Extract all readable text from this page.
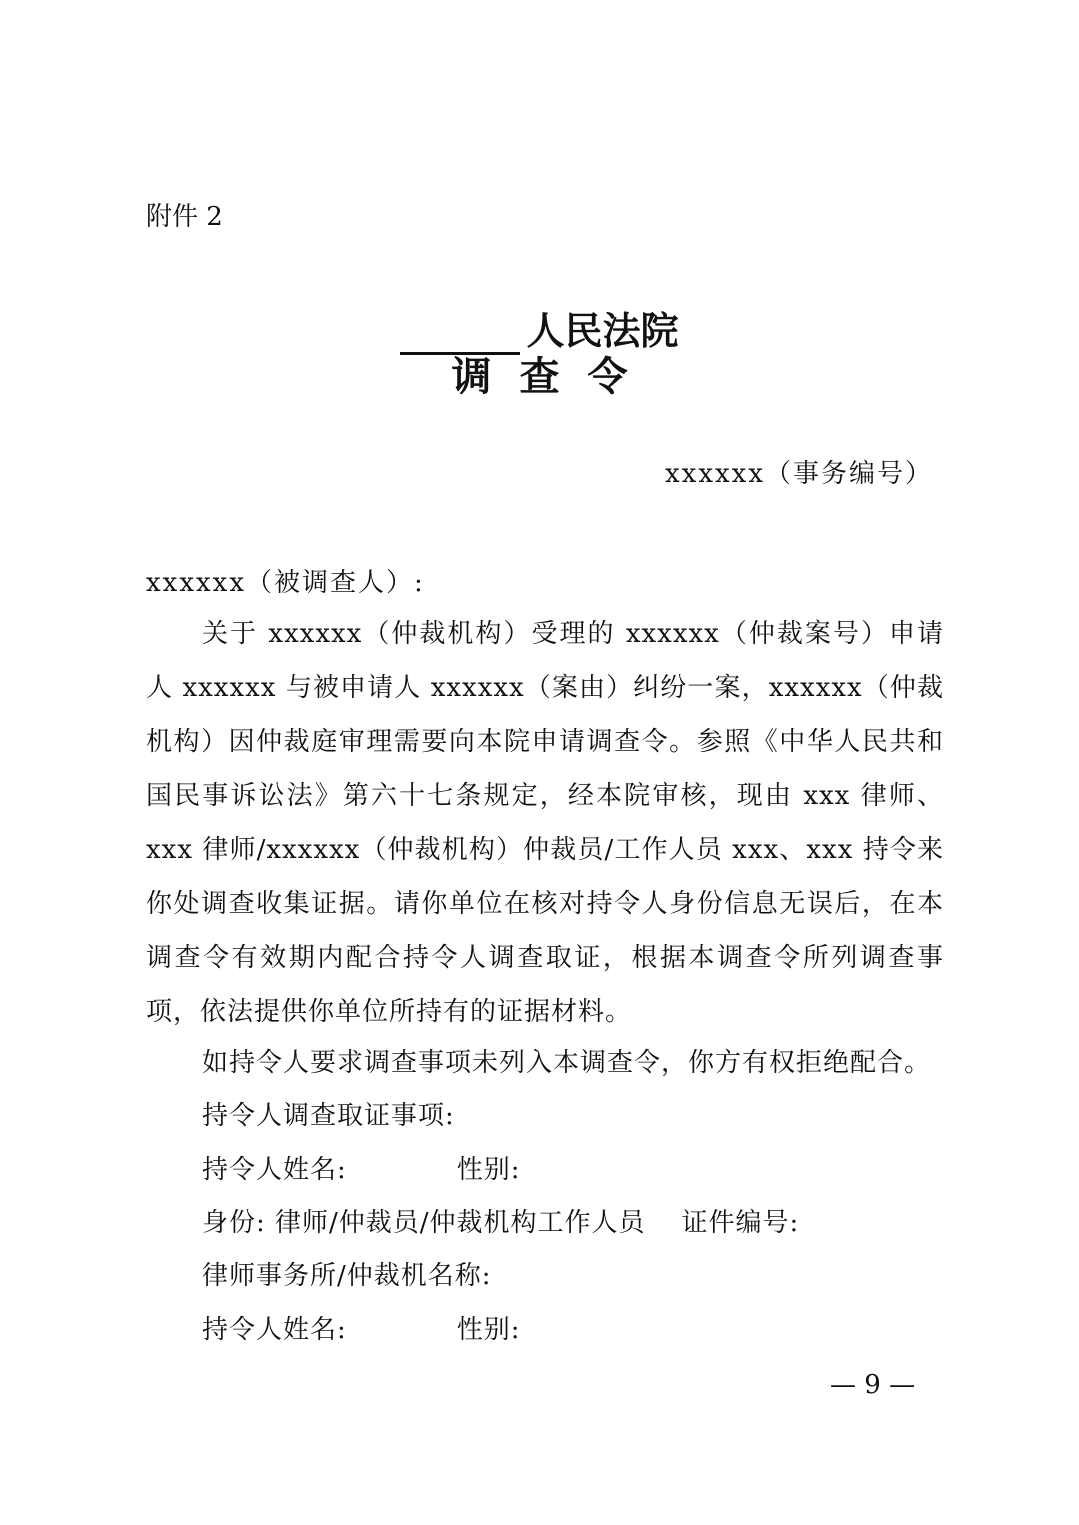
附件 2
人民法院
调查令
xxxxxx（事务编号）
xxxxxx（被调查人）:
关于 xxxxxx（仲裁机构）受理的 xxxxxx（仲裁案号）申请人 xxxxxx 与被申请人 xxxxxx（案由）纠纷一案，xxxxxx（仲裁机构）因仲裁庭审理需要向本院申请调查令。参照《中华人民共和国民事诉讼法》第六十七条规定，经本院审核，现由 xxx 律师、xxx 律师/xxxxxx（仲裁机构）仲裁员/工作人员 xxx、xxx 持令来你处调查收集证据。请你单位在核对持令人身份信息无误后，在本调查令有效期内配合持令人调查取证，根据本调查令所列调查事项，依法提供你单位所持有的证据材料。
如持令人要求调查事项未列入本调查令，你方有权拒绝配合。
持令人调查取证事项:
持令人姓名:	性别:
身份: 律师/仲裁员/仲裁机构工作人员 证件编号:
律师事务所/仲裁机名称:
持令人姓名:	性别:
— 9 —
